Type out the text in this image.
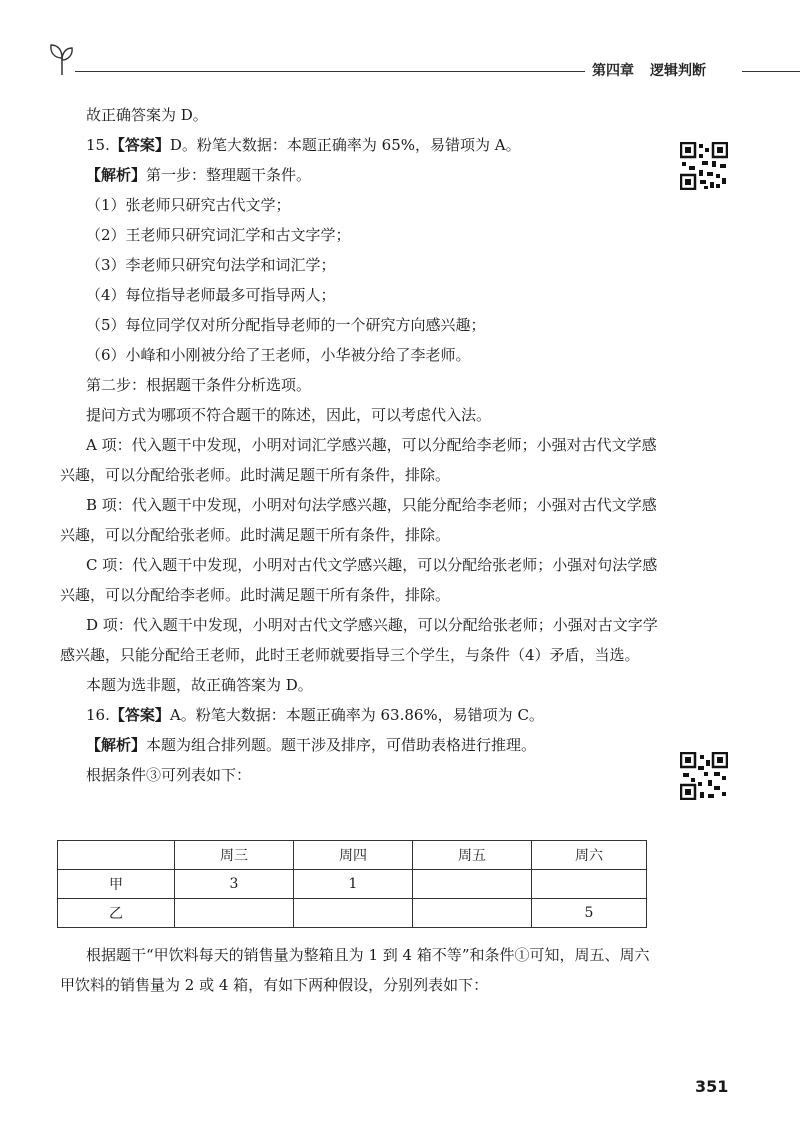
第四章 逻辑判断
故正确答案为 D。
15.【答案】D。粉笔大数据：本题正确率为 65%，易错项为 A。
【解析】第一步：整理题干条件。
（1）张老师只研究古代文学；
（2）王老师只研究词汇学和古文字学；
（3）李老师只研究句法学和词汇学；
（4）每位指导老师最多可指导两人；
（5）每位同学仅对所分配指导老师的一个研究方向感兴趣；
（6）小峰和小刚被分给了王老师，小华被分给了李老师。
第二步：根据题干条件分析选项。
提问方式为哪项不符合题干的陈述，因此，可以考虑代入法。
A 项：代入题干中发现，小明对词汇学感兴趣，可以分配给李老师；小强对古代文学感兴趣，可以分配给张老师。此时满足题干所有条件，排除。
B 项：代入题干中发现，小明对句法学感兴趣，只能分配给李老师；小强对古代文学感兴趣，可以分配给张老师。此时满足题干所有条件，排除。
C 项：代入题干中发现，小明对古代文学感兴趣，可以分配给张老师；小强对句法学感兴趣，可以分配给李老师。此时满足题干所有条件，排除。
D 项：代入题干中发现，小明对古代文学感兴趣，可以分配给张老师；小强对古文字学感兴趣，只能分配给王老师，此时王老师就要指导三个学生，与条件（4）矛盾，当选。
本题为选非题，故正确答案为 D。
16.【答案】A。粉笔大数据：本题正确率为 63.86%，易错项为 C。
【解析】本题为组合排列题。题干涉及排序，可借助表格进行推理。
根据条件③可列表如下：
	周三	周四	周五	周六
甲	3	1		
乙				5
根据题干“甲饮料每天的销售量为整箱且为 1 到 4 箱不等”和条件①可知，周五、周六甲饮料的销售量为 2 或 4 箱，有如下两种假设，分别列表如下：
351
